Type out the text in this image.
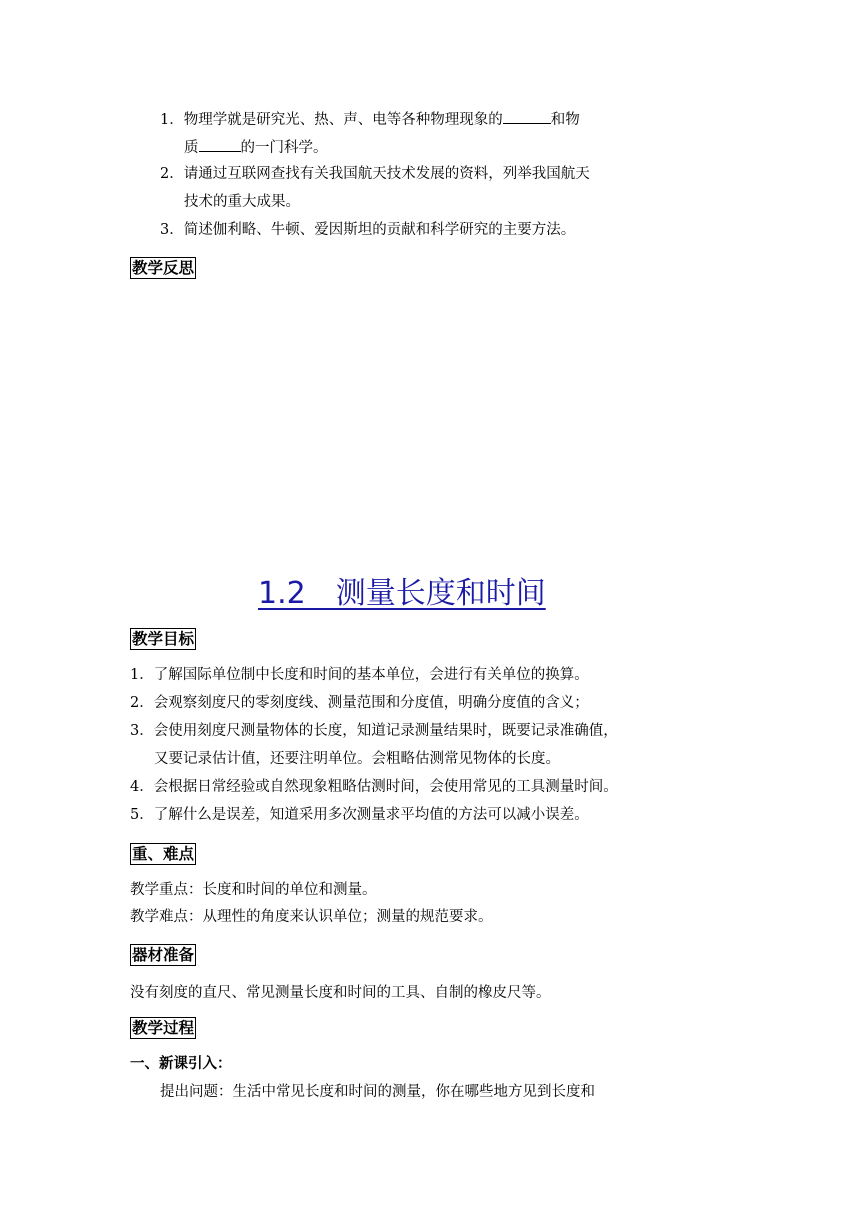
1．物理学就是研究光、热、声、电等各种物理现象的	和物
质	的一门科学。
2．请通过互联网查找有关我国航天技术发展的资料，列举我国航天
技术的重大成果。
3．简述伽利略、牛顿、爱因斯坦的贡献和科学研究的主要方法。
教学反思
1.2　测量长度和时间
教学目标
1．了解国际单位制中长度和时间的基本单位，会进行有关单位的换算。
2．会观察刻度尺的零刻度线、测量范围和分度值，明确分度值的含义；
3．会使用刻度尺测量物体的长度，知道记录测量结果时，既要记录准确值，
又要记录估计值，还要注明单位。会粗略估测常见物体的长度。
4．会根据日常经验或自然现象粗略估测时间，会使用常见的工具测量时间。
5．了解什么是误差，知道采用多次测量求平均值的方法可以减小误差。
重、难点
教学重点：长度和时间的单位和测量。
教学难点：从理性的角度来认识单位；测量的规范要求。
器材准备
没有刻度的直尺、常见测量长度和时间的工具、自制的橡皮尺等。
教学过程
一、新课引入：
提出问题：生活中常见长度和时间的测量，你在哪些地方见到长度和
